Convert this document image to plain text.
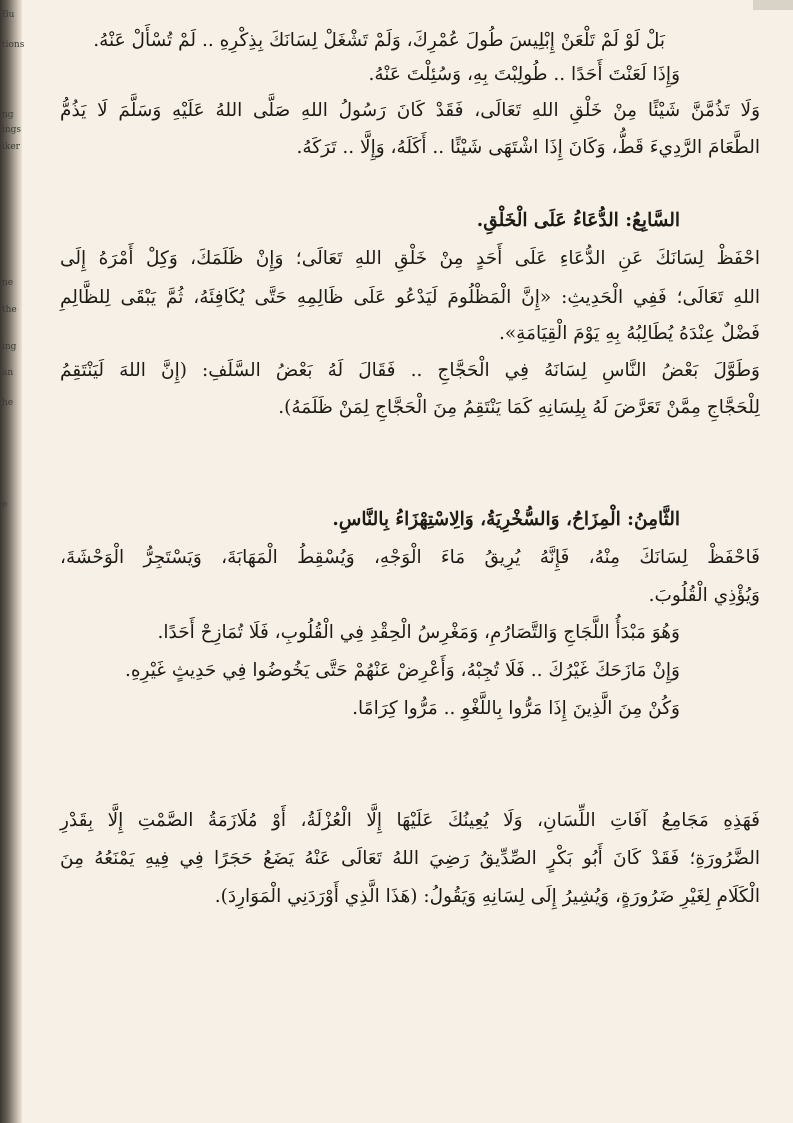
Bu
tions
ng
ings
iker
ne
the
ing
an
he
e
بَلْ لَوْ لَمْ تَلْعَنْ إِبْلِيسَ طُولَ عُمْرِكَ، وَلَمْ تَشْغَلْ لِسَانَكَ بِذِكْرِهِ .. لَمْ تُسْأَلْ عَنْهُ.
وَإِذَا لَعَنْتَ أَحَدًا .. طُولِبْتَ بِهِ، وَسُئِلْتَ عَنْهُ.
وَلَا تَذُمَّنَّ شَيْئًا مِنْ خَلْقِ اللهِ تَعَالَى، فَقَدْ كَانَ رَسُولُ اللهِ صَلَّى اللهُ عَلَيْهِ وَسَلَّمَ لَا يَذُمُّ
الطَّعَامَ الرَّدِيءَ قَطُّ، وَكَانَ إِذَا اشْتَهَى شَيْئًا .. أَكَلَهُ، وَإِلَّا .. تَرَكَهُ.
السَّابِعُ: الدُّعَاءُ عَلَى الْخَلْقِ.
احْفَظْ لِسَانَكَ عَنِ الدُّعَاءِ عَلَى أَحَدٍ مِنْ خَلْقِ اللهِ تَعَالَى؛ وَإِنْ ظَلَمَكَ، وَكِلْ أَمْرَهُ إِلَى
اللهِ تَعَالَى؛ فَفِي الْحَدِيثِ: «إِنَّ الْمَظْلُومَ لَيَدْعُو عَلَى ظَالِمِهِ حَتَّى يُكَافِئَهُ، ثُمَّ يَبْقَى لِلظَّالِمِ
فَضْلٌ عِنْدَهُ يُطَالِبُهُ بِهِ يَوْمَ الْقِيَامَةِ».
وَطَوَّلَ بَعْضُ النَّاسِ لِسَانَهُ فِي الْحَجَّاجِ .. فَقَالَ لَهُ بَعْضُ السَّلَفِ: (إِنَّ اللهَ لَيَنْتَقِمُ
لِلْحَجَّاجِ مِمَّنْ تَعَرَّضَ لَهُ بِلِسَانِهِ كَمَا يَنْتَقِمُ مِنَ الْحَجَّاجِ لِمَنْ ظَلَمَهُ).
الثَّامِنُ: الْمِزَاحُ، وَالسُّخْرِيَةُ، وَالِاسْتِهْزَاءُ بِالنَّاسِ.
فَاحْفَظْ لِسَانَكَ مِنْهُ، فَإِنَّهُ يُرِيقُ مَاءَ الْوَجْهِ، وَيُسْقِطُ الْمَهَابَةَ، وَيَسْتَجِرُّ الْوَحْشَةَ،
وَيُؤْذِي الْقُلُوبَ.
وَهُوَ مَبْدَأُ اللَّجَاجِ وَالتَّصَارُمِ، وَمَغْرِسُ الْحِقْدِ فِي الْقُلُوبِ، فَلَا تُمَازِحْ أَحَدًا.
وَإِنْ مَازَحَكَ غَيْرُكَ .. فَلَا تُجِبْهُ، وَأَعْرِضْ عَنْهُمْ حَتَّى يَخُوضُوا فِي حَدِيثٍ غَيْرِهِ.
وَكُنْ مِنَ الَّذِينَ إِذَا مَرُّوا بِاللَّغْوِ .. مَرُّوا كِرَامًا.
فَهَذِهِ مَجَامِعُ آفَاتِ اللِّسَانِ، وَلَا يُعِينُكَ عَلَيْهَا إِلَّا الْعُزْلَةُ، أَوْ مُلَازَمَةُ الصَّمْتِ إِلَّا بِقَدْرِ
الضَّرُورَةِ؛ فَقَدْ كَانَ أَبُو بَكْرٍ الصِّدِّيقُ رَضِيَ اللهُ تَعَالَى عَنْهُ يَضَعُ حَجَرًا فِي فِيهِ يَمْنَعُهُ مِنَ
الْكَلَامِ لِغَيْرِ ضَرُورَةٍ، وَيُشِيرُ إِلَى لِسَانِهِ وَيَقُولُ: (هَذَا الَّذِي أَوْرَدَنِي الْمَوَارِدَ).
